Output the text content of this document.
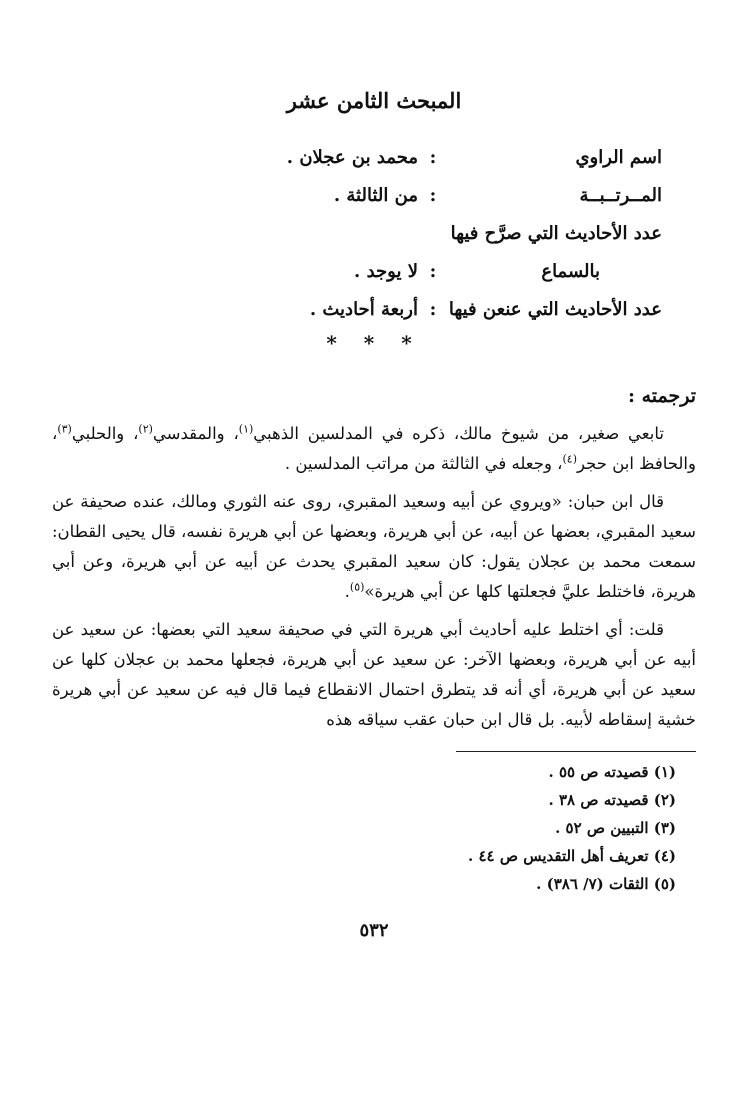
المبحث الثامن عشر
اسم الراوي
:
محمد بن عجلان .
المــرتــبــة
:
من الثالثة .
عدد الأحاديث التي صرَّح فيها
بالسماع
:
لا يوجد .
عدد الأحاديث التي عنعن فيها
:
أربعة أحاديث .
* * *
ترجمته :

تابعي صغير، من شيوخ مالك، ذكره في المدلسين الذهبي$^{(١)}$، والمقدسي$^{(٢)}$، والحلبي$^{(٣)}$، والحافظ ابن حجر$^{(٤)}$، وجعله في الثالثة من مراتب المدلسين .

قال ابن حبان: «ويروي عن أبيه وسعيد المقبري، روى عنه الثوري ومالك، عنده صحيفة عن سعيد المقبري، بعضها عن أبيه، عن أبي هريرة، وبعضها عن أبي هريرة نفسه، قال يحيى القطان: سمعت محمد بن عجلان يقول: كان سعيد المقبري يحدث عن أبيه عن أبي هريرة، وعن أبي هريرة، فاختلط عليَّ فجعلتها كلها عن أبي هريرة»$^{(٥)}$.

قلت: أي اختلط عليه أحاديث أبي هريرة التي في صحيفة سعيد التي بعضها: عن سعيد عن أبيه عن أبي هريرة، وبعضها الآخر: عن سعيد عن أبي هريرة، فجعلها محمد بن عجلان كلها عن سعيد عن أبي هريرة، أي أنه قد يتطرق احتمال الانقطاع فيما قال فيه عن سعيد عن أبي هريرة خشية إسقاطه لأبيه. بل قال ابن حبان عقب سياقه هذه

(١) قصيدته ص ٥٥ .
(٢) قصيدته ص ٣٨ .
(٣) التبيين ص ٥٢ .
(٤) تعريف أهل التقديس ص ٤٤ .
(٥) الثقات (٧/ ٣٨٦) .
٥٣٢
